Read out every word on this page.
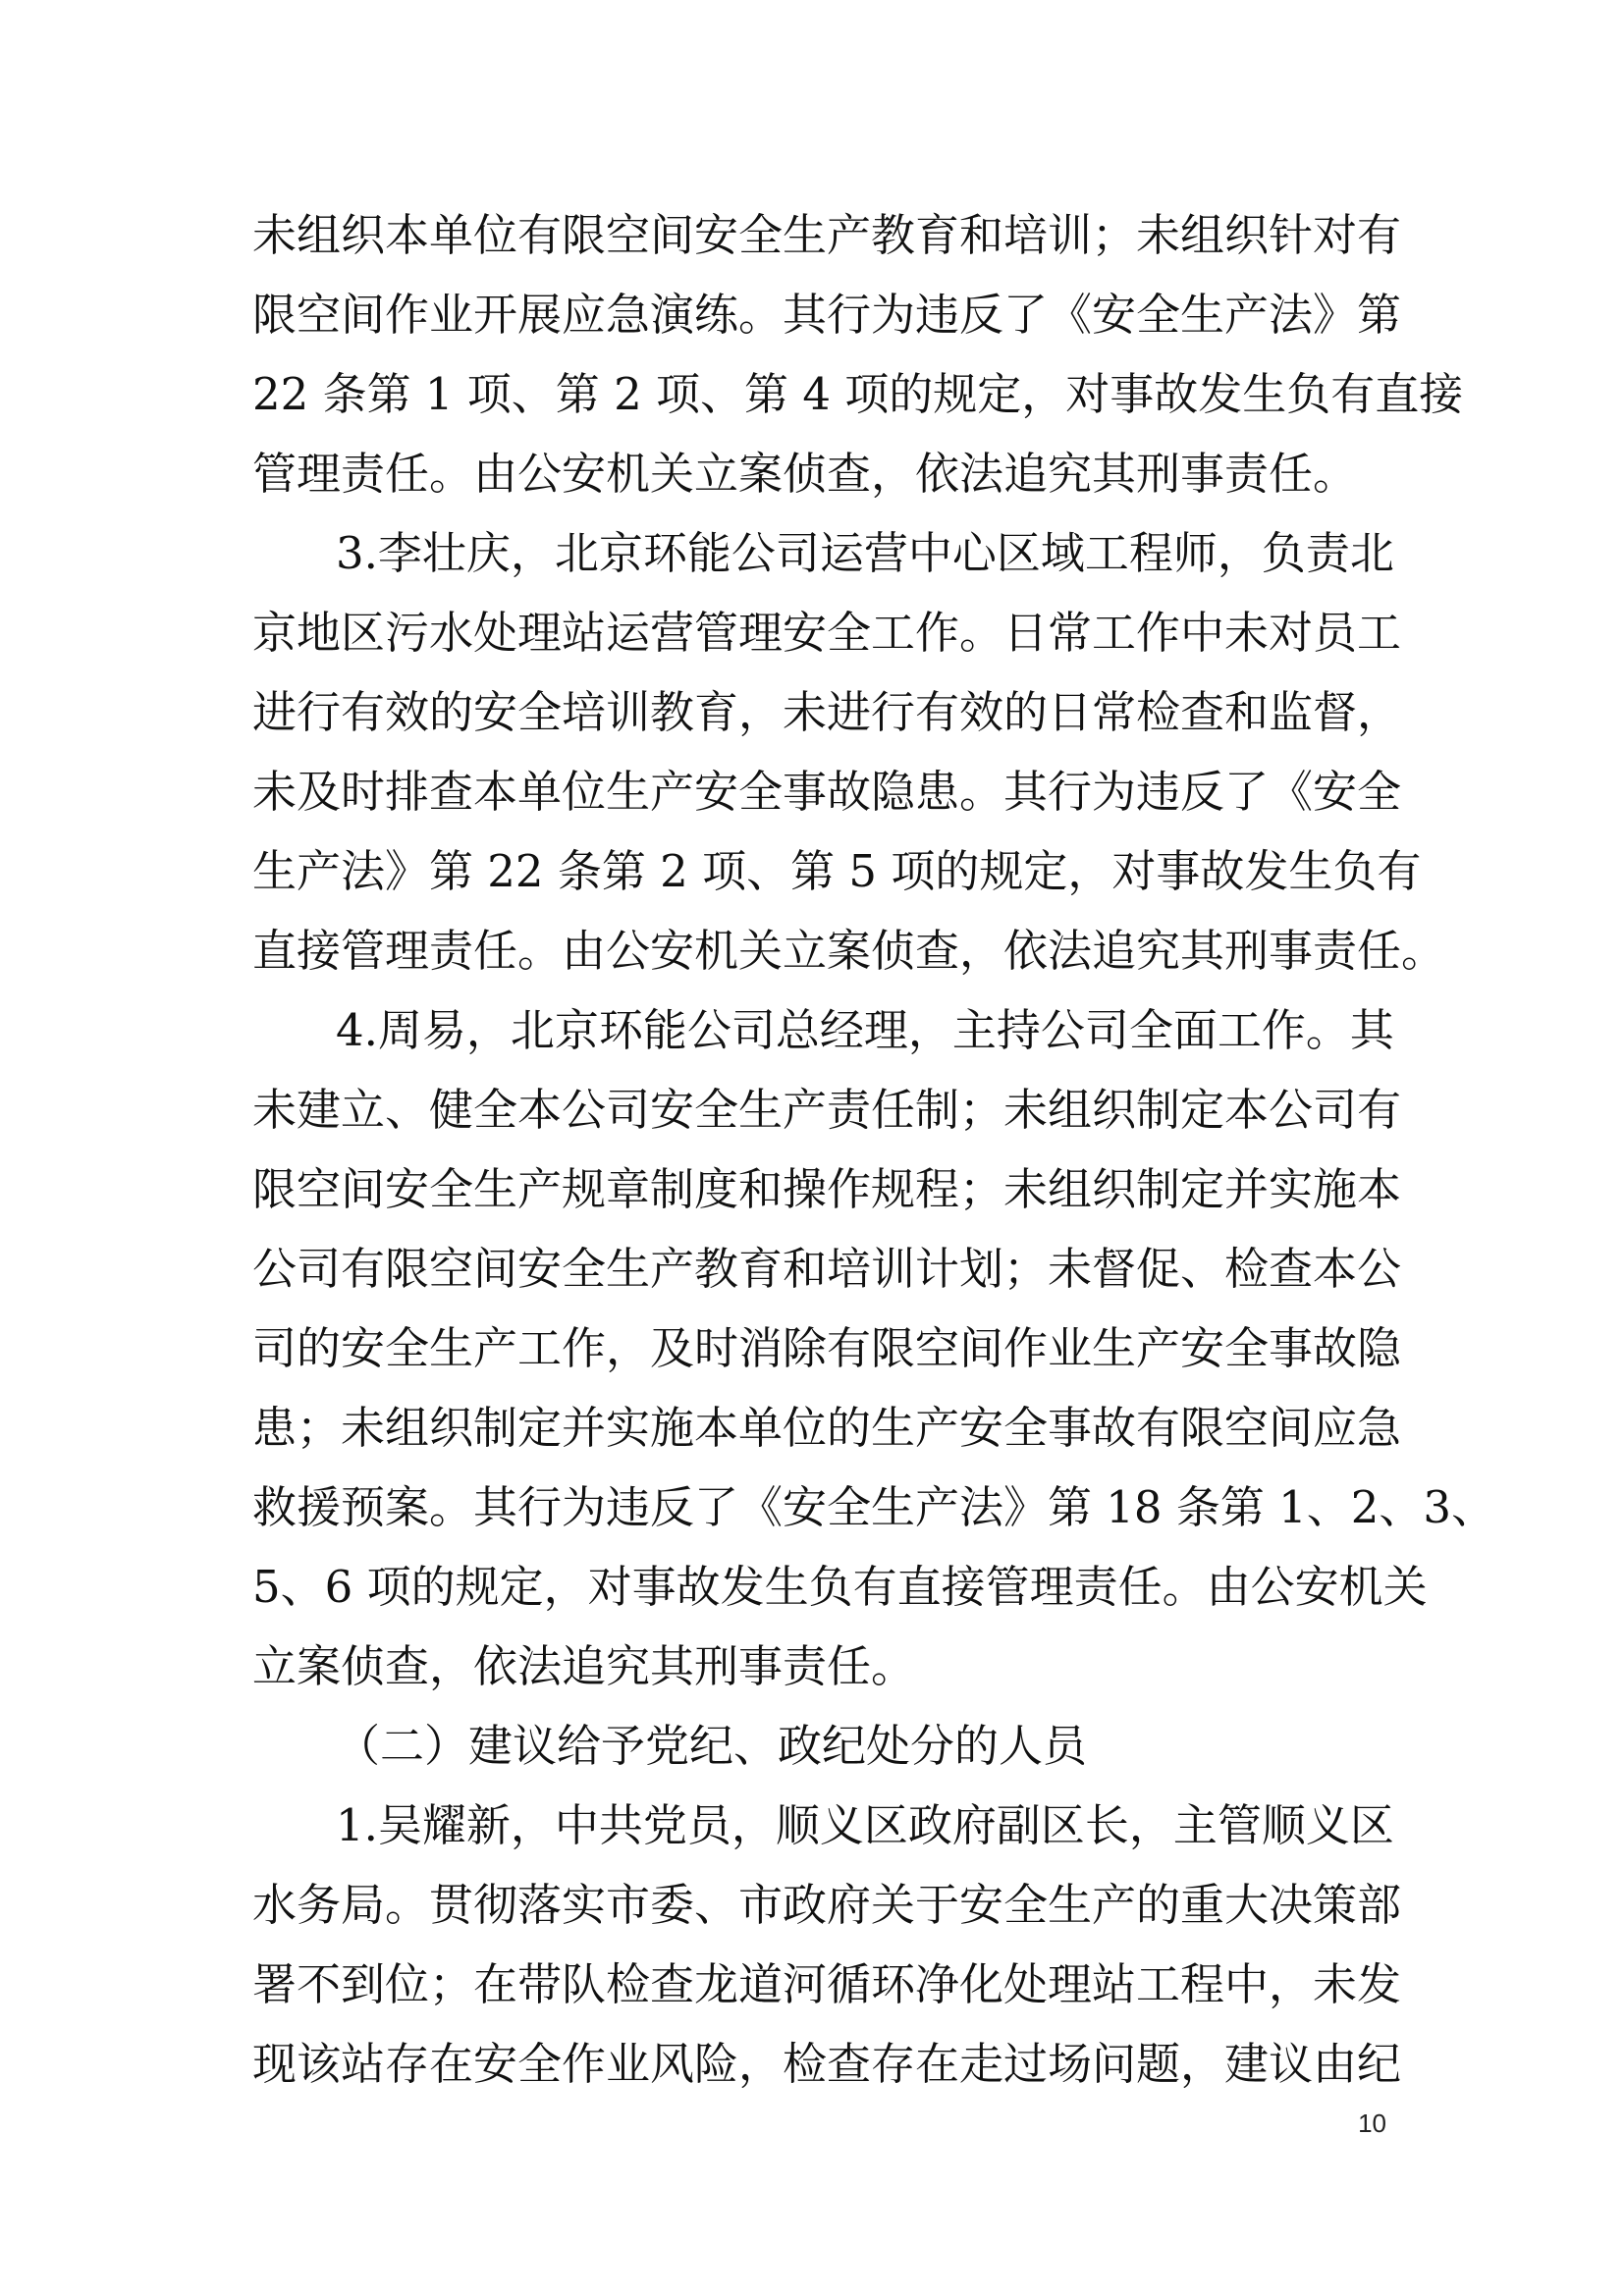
未组织本单位有限空间安全生产教育和培训；未组织针对有
限空间作业开展应急演练。其行为违反了《安全生产法》第
22 条第 1 项、第 2 项、第 4 项的规定，对事故发生负有直接
管理责任。由公安机关立案侦查，依法追究其刑事责任。
3.李壮庆，北京环能公司运营中心区域工程师，负责北
京地区污水处理站运营管理安全工作。日常工作中未对员工
进行有效的安全培训教育，未进行有效的日常检查和监督，
未及时排查本单位生产安全事故隐患。其行为违反了《安全
生产法》第 22 条第 2 项、第 5 项的规定，对事故发生负有
直接管理责任。由公安机关立案侦查，依法追究其刑事责任。
4.周易，北京环能公司总经理，主持公司全面工作。其
未建立、健全本公司安全生产责任制；未组织制定本公司有
限空间安全生产规章制度和操作规程；未组织制定并实施本
公司有限空间安全生产教育和培训计划；未督促、检查本公
司的安全生产工作，及时消除有限空间作业生产安全事故隐
患；未组织制定并实施本单位的生产安全事故有限空间应急
救援预案。其行为违反了《安全生产法》第 18 条第 1、2、3、
5、6 项的规定，对事故发生负有直接管理责任。由公安机关
立案侦查，依法追究其刑事责任。
（二）建议给予党纪、政纪处分的人员
1.吴耀新，中共党员，顺义区政府副区长，主管顺义区
水务局。贯彻落实市委、市政府关于安全生产的重大决策部
署不到位；在带队检查龙道河循环净化处理站工程中，未发
现该站存在安全作业风险，检查存在走过场问题，建议由纪
10
